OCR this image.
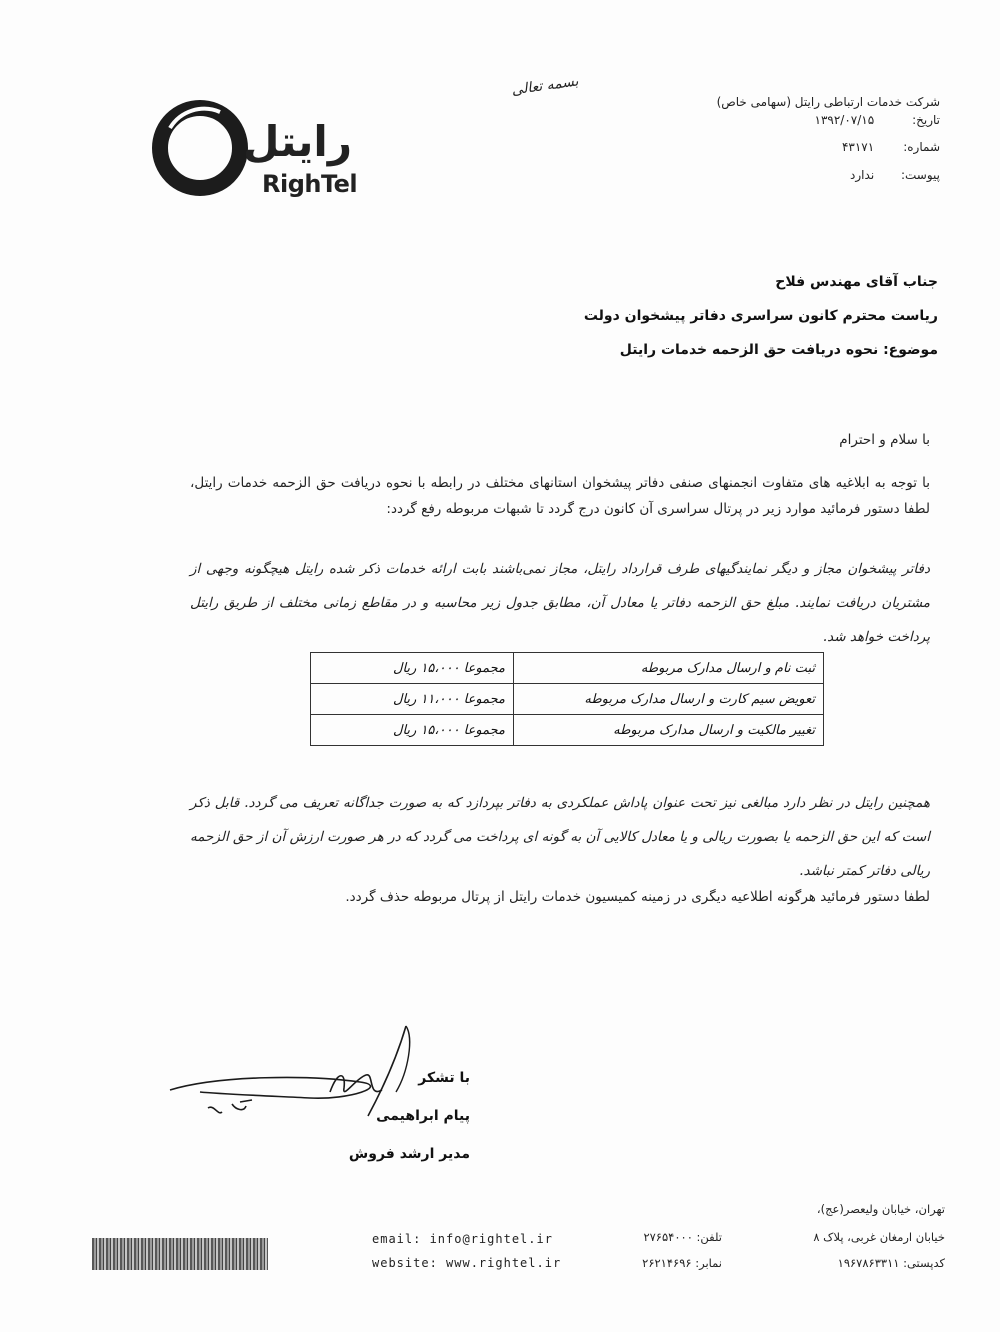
رایتل
RighTel
بسمه تعالی
شرکت خدمات ارتباطی رایتل (سهامی خاص)
تاریخ: ۱۳۹۲/۰۷/۱۵
شماره: ۴۳۱۷۱
پیوست: ندارد
جناب آقای مهندس فلاح
ریاست محترم کانون سراسری دفاتر پیشخوان دولت
موضوع: نحوه دریافت حق الزحمه خدمات رایتل
با سلام و احترام
با توجه به ابلاغیه های متفاوت انجمنهای صنفی دفاتر پیشخوان استانهای مختلف در رابطه با نحوه دریافت حق الزحمه خدمات رایتل، لطفا دستور فرمائید موارد زیر در پرتال سراسری آن کانون درج گردد تا شبهات مربوطه رفع گردد:
دفاتر پیشخوان مجاز و دیگر نمایندگیهای طرف قرارداد رایتل، مجاز نمی‌باشند بابت ارائه خدمات ذکر شده رایتل هیچگونه وجهی از مشتریان دریافت نمایند. مبلغ حق الزحمه دفاتر یا معادل آن، مطابق جدول زیر محاسبه و در مقاطع زمانی مختلف از طریق رایتل پرداخت خواهد شد.
ثبت نام و ارسال مدارک مربوطه	مجموعا ۱۵،۰۰۰ ریال
تعویض سیم کارت و ارسال مدارک مربوطه	مجموعا ۱۱،۰۰۰ ریال
تغییر مالکیت و ارسال مدارک مربوطه	مجموعا ۱۵،۰۰۰ ریال
همچنین رایتل در نظر دارد مبالغی نیز تحت عنوان پاداش عملکردی به دفاتر بپردازد که به صورت جداگانه تعریف می گردد. قابل ذکر است که این حق الزحمه یا بصورت ریالی و یا معادل کالایی آن به گونه ای پرداخت می گردد که در هر صورت ارزش آن از حق الزحمه ریالی دفاتر کمتر نباشد.
لطفا دستور فرمائید هرگونه اطلاعیه دیگری در زمینه کمیسیون خدمات رایتل از پرتال مربوطه حذف گردد.
با تشکر
پیام ابراهیمی
مدیر ارشد فروش
تهران، خیابان ولیعصر(عج)،
خیابان ارمغان غربی، پلاک ۸
کدپستی: ۱۹۶۷۸۶۳۳۱۱
تلفن: ۲۷۶۵۴۰۰۰
نمابر: ۲۶۲۱۴۶۹۶
email: info@rightel.ir
website: www.rightel.ir
